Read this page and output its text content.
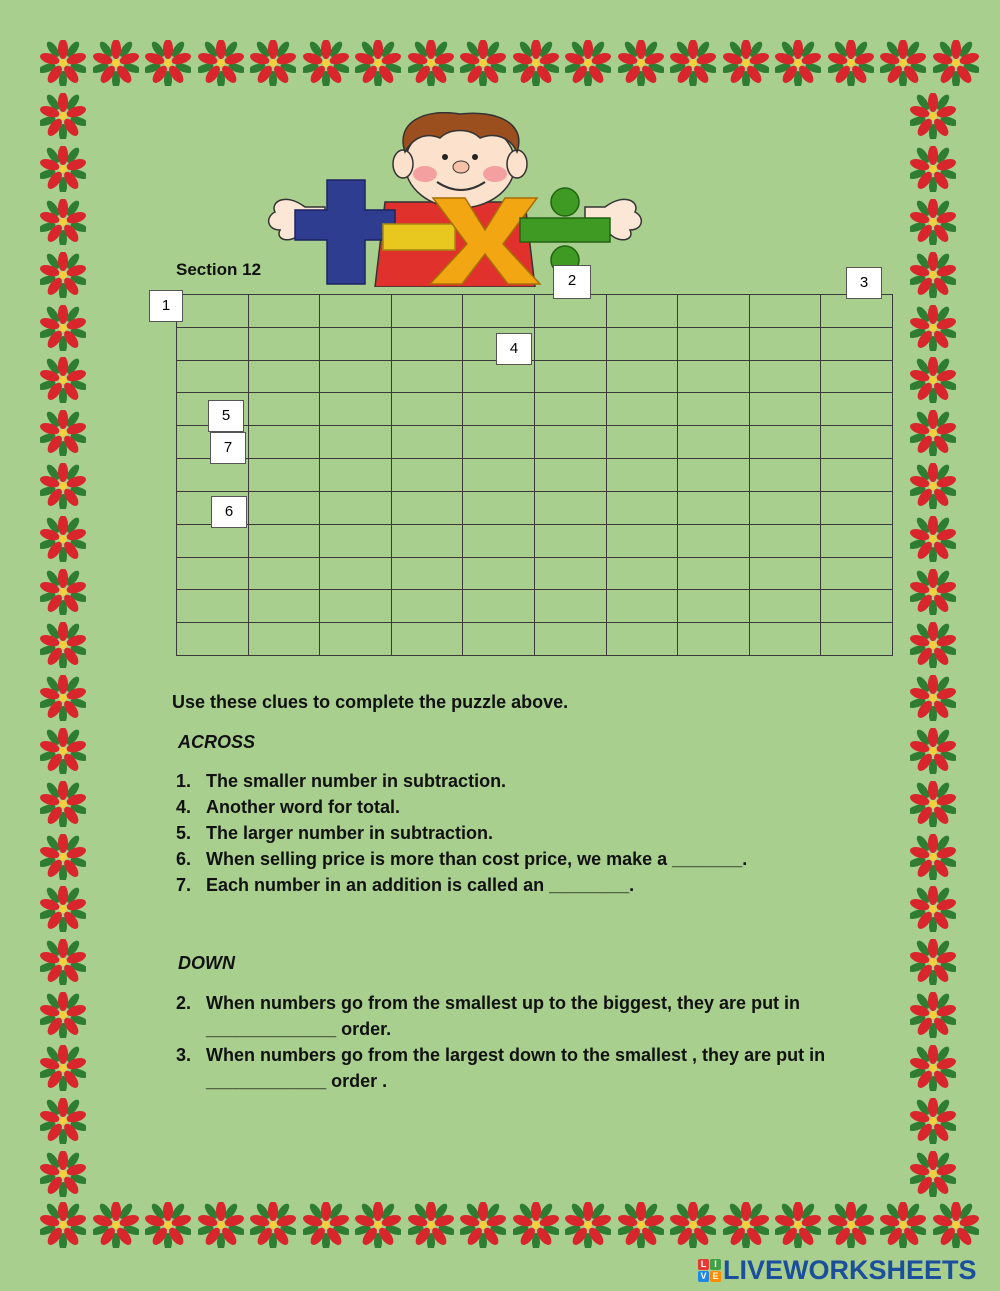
Section 12

1
2	3
4
5
7
6
Use these clues to complete the puzzle above.
ACROSS
1. The smaller number in subtraction.
4. Another word for total.
5. The larger number in subtraction.
6. When selling price is more than cost price, we make a _______.
7. Each number in an addition is called an ________.
DOWN
2. When numbers go from the smallest up to the biggest, they are put in _____________ order.
3. When numbers go from the largest down to the smallest , they are put in ____________ order .
L I
V E LIVEWORKSHEETS
